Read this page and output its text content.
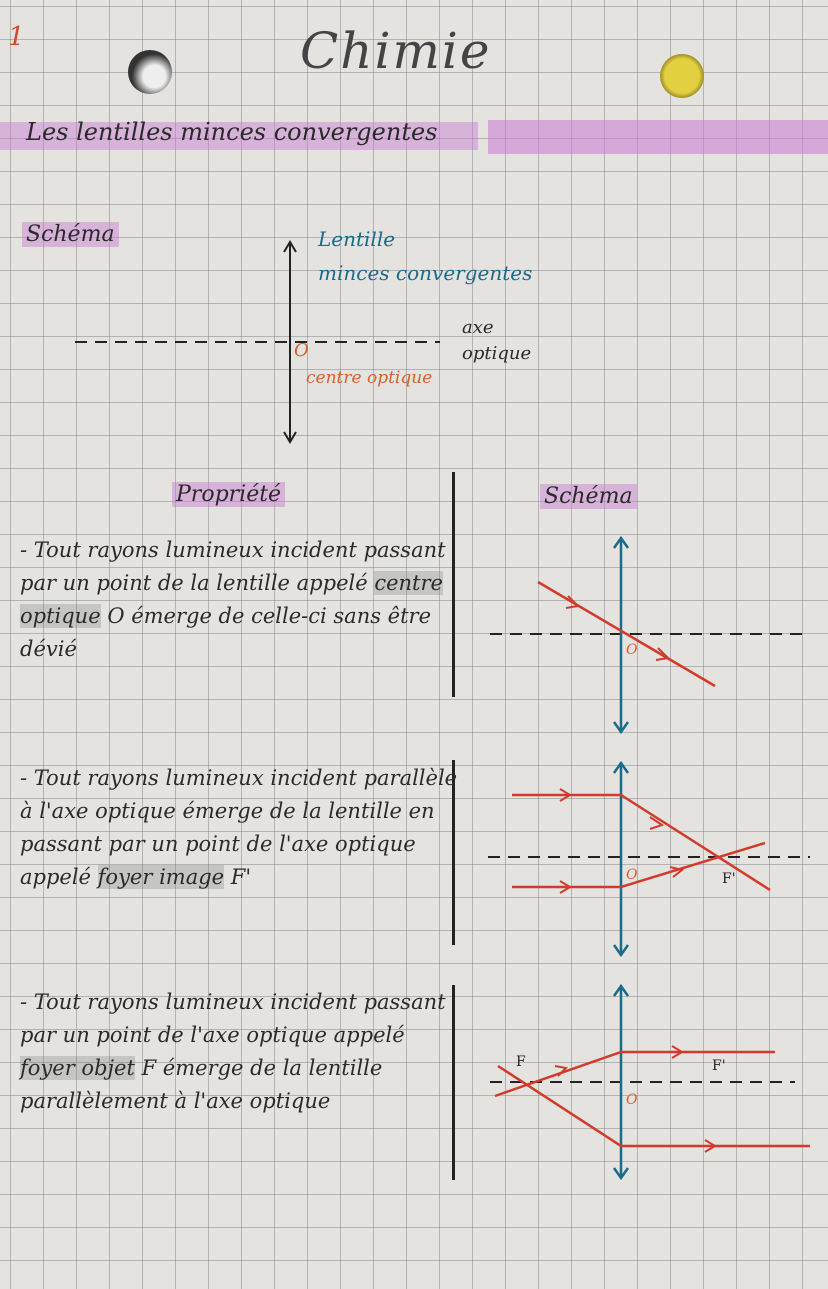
1	Chimie
Les lentilles minces convergentes
Schéma	Lentille
minces convergentes
axe
optique
O
centre optique
Propriété	Schéma
- Tout rayons lumineux incident passant par un point de la lentille appelé centre optique O émerge de celle-ci sans être dévié
- Tout rayons lumineux incident parallèle à l'axe optique émerge de la lentille en passant par un point de l'axe optique appelé foyer image F'
- Tout rayons lumineux incident passant par un point de l'axe optique appelé foyer objet F émerge de la lentille parallèlement à l'axe optique
O
O	F'
F
O
F'
